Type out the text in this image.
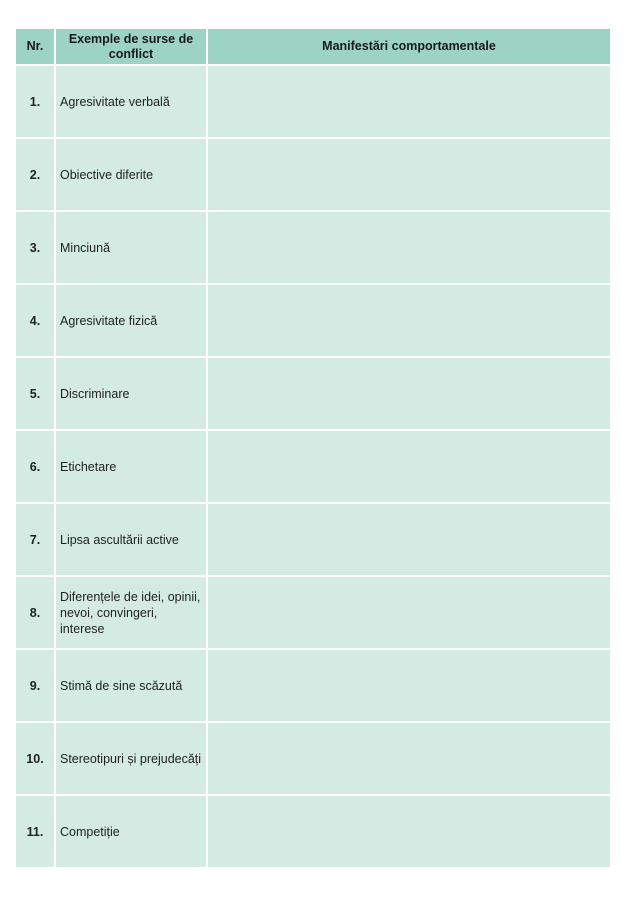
Nr.	Exemple de surse de conflict	Manifestări comportamentale
1.	Agresivitate verbală	
2.	Obiective diferite	
3.	Minciună	
4.	Agresivitate fizică	
5.	Discriminare	
6.	Etichetare	
7.	Lipsa ascultării active	
8.	Diferențele de idei, opinii, nevoi, convingeri, interese	
9.	Stimă de sine scăzută	
10.	Stereotipuri și prejudecăți	
11.	Competiție	
